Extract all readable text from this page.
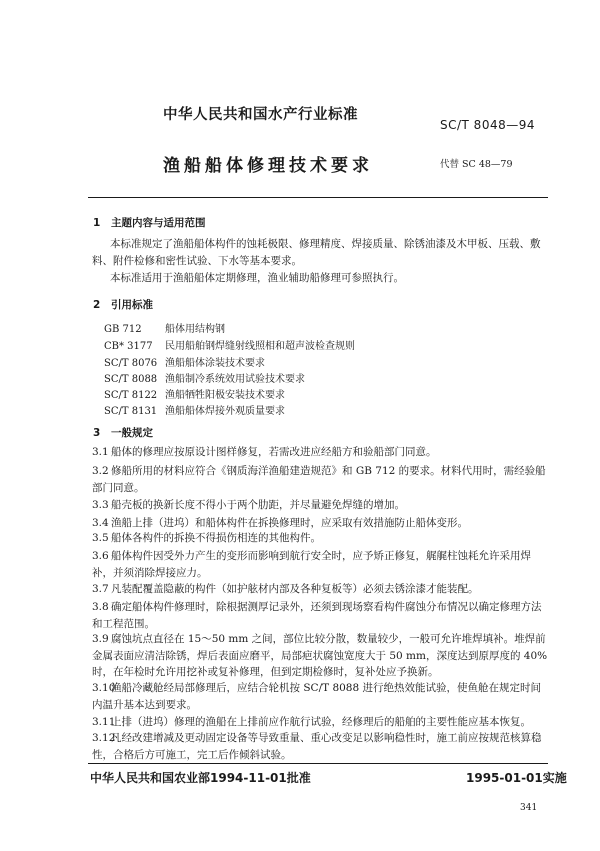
中华人民共和国水产行业标准
SC/T 8048—94
渔船船体修理技术要求	代替 SC 48—79
1 主题内容与适用范围
本标准规定了渔船船体构件的蚀耗极限、修理精度、焊接质量、除锈油漆及木甲板、压载、敷料、附件检修和密性试验、下水等基本要求。
本标准适用于渔船船体定期修理，渔业辅助船修理可参照执行。
2 引用标准
GB 712 船体用结构钢
CB* 3177 民用船舶钢焊缝射线照相和超声波检查规则
SC/T 8076 渔船船体涂装技术要求
SC/T 8088 渔船制冷系统效用试验技术要求
SC/T 8122 渔船牺牲阳极安装技术要求
SC/T 8131 渔船船体焊接外观质量要求
3 一般规定
3.1 船体的修理应按原设计图样修复，若需改进应经船方和验船部门同意。
3.2 修船所用的材料应符合《钢质海洋渔船建造规范》和 GB 712 的要求。材料代用时，需经验船部门同意。
3.3 船壳板的换新长度不得小于两个肋距，并尽量避免焊缝的增加。
3.4 渔船上排（进坞）和船体构件在拆换修理时，应采取有效措施防止船体变形。
3.5 船体各构件的拆换不得损伤相连的其他构件。
3.6 船体构件因受外力产生的变形而影响到航行安全时，应予矫正修复，艉艉柱蚀耗允许采用焊补，并须消除焊接应力。
3.7 凡装配覆盖隐蔽的构件（如护舷材内部及各种复板等）必须去锈涂漆才能装配。
3.8 确定船体构件修理时，除根据测厚记录外，还须到现场察看构件腐蚀分布情况以确定修理方法和工程范围。
3.9 腐蚀坑点直径在 15～50 mm 之间，部位比较分散，数量较少，一般可允许堆焊填补。堆焊前金属表面应清洁除锈，焊后表面应磨平，局部疤状腐蚀宽度大于 50 mm，深度达到原厚度的 40%时，在年检时允许用挖补或复补修理，但到定期检修时，复补处应予换新。
3.10渔船冷藏舱经局部修理后，应结合轮机按 SC/T 8088 进行绝热效能试验，使鱼舱在规定时间内温升基本达到要求。
3.11上排（进坞）修理的渔船在上排前应作航行试验，经修理后的船舶的主要性能应基本恢复。
3.12凡经改建增减及更动固定设备等导致重量、重心改变足以影响稳性时，施工前应按规范核算稳性，合格后方可施工，完工后作倾斜试验。
中华人民共和国农业部1994-11-01批准	1995-01-01实施
341
